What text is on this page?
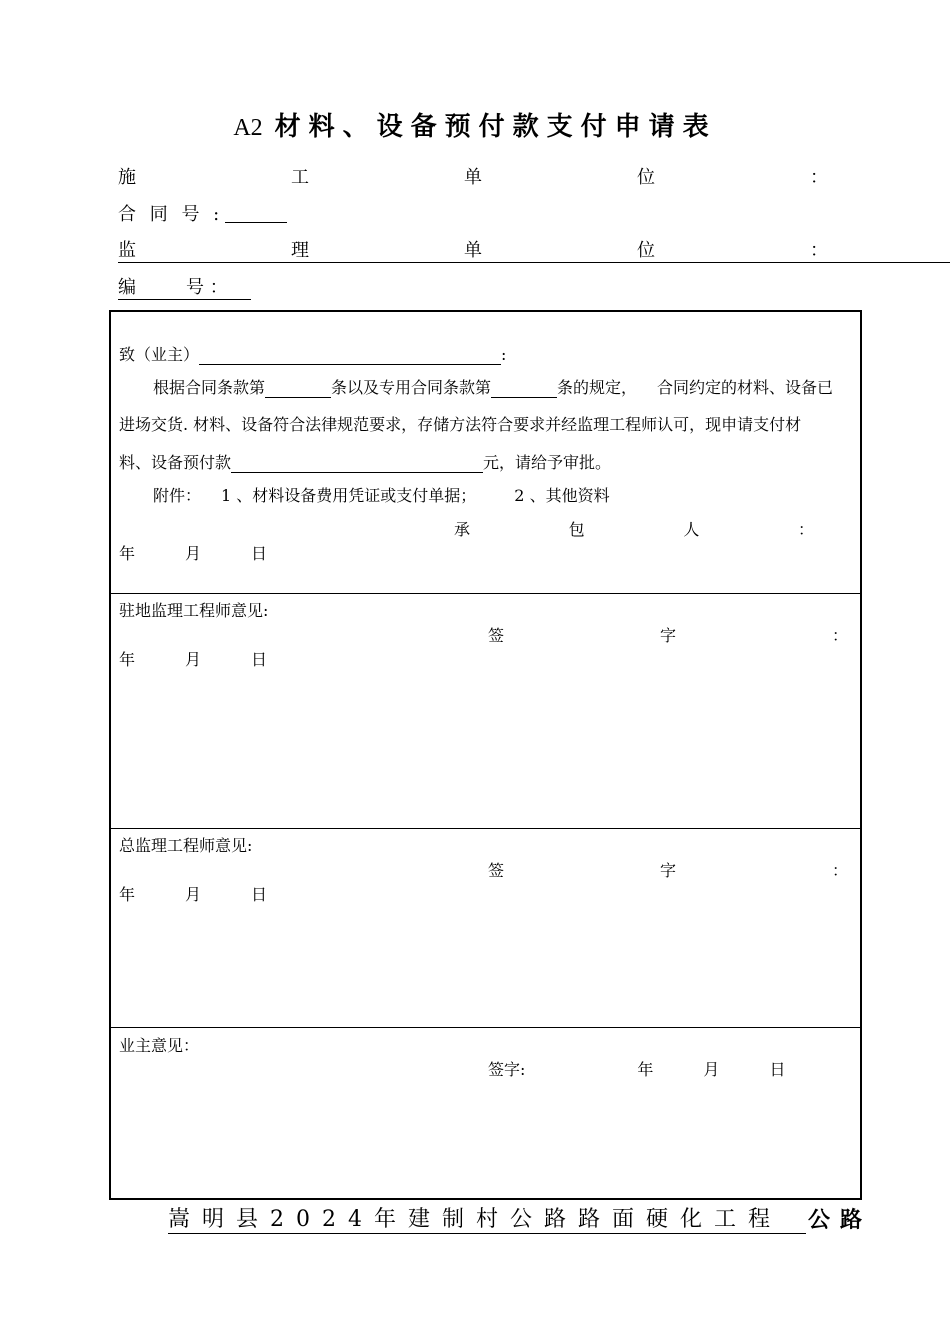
A2 材料、设备预付款支付申请表
施	工	单	位	：
合 同 号 :
监	理	单	位	：
编	号 ：
致（业主）	:
根据合同条款第	条以及专用合同条款第	条的规定， 合同约定的材料、设备已
进场交货. 材料、设备符合法律规范要求，存储方法符合要求并经监理工程师认可，现申请支付材
料、设备预付款	元，请给予审批。
附件： 1 、材料设备费用凭证或支付单据； 2 、其他资料
承	包	人	：
年	月	日
驻地监理工程师意见:
签	字	：
年	月	日
总监理工程师意见:
签	字	：
年	月	日
业主意见：
签字:	年	月	日
嵩明县2024年建制村公路路面硬化工程	公路
